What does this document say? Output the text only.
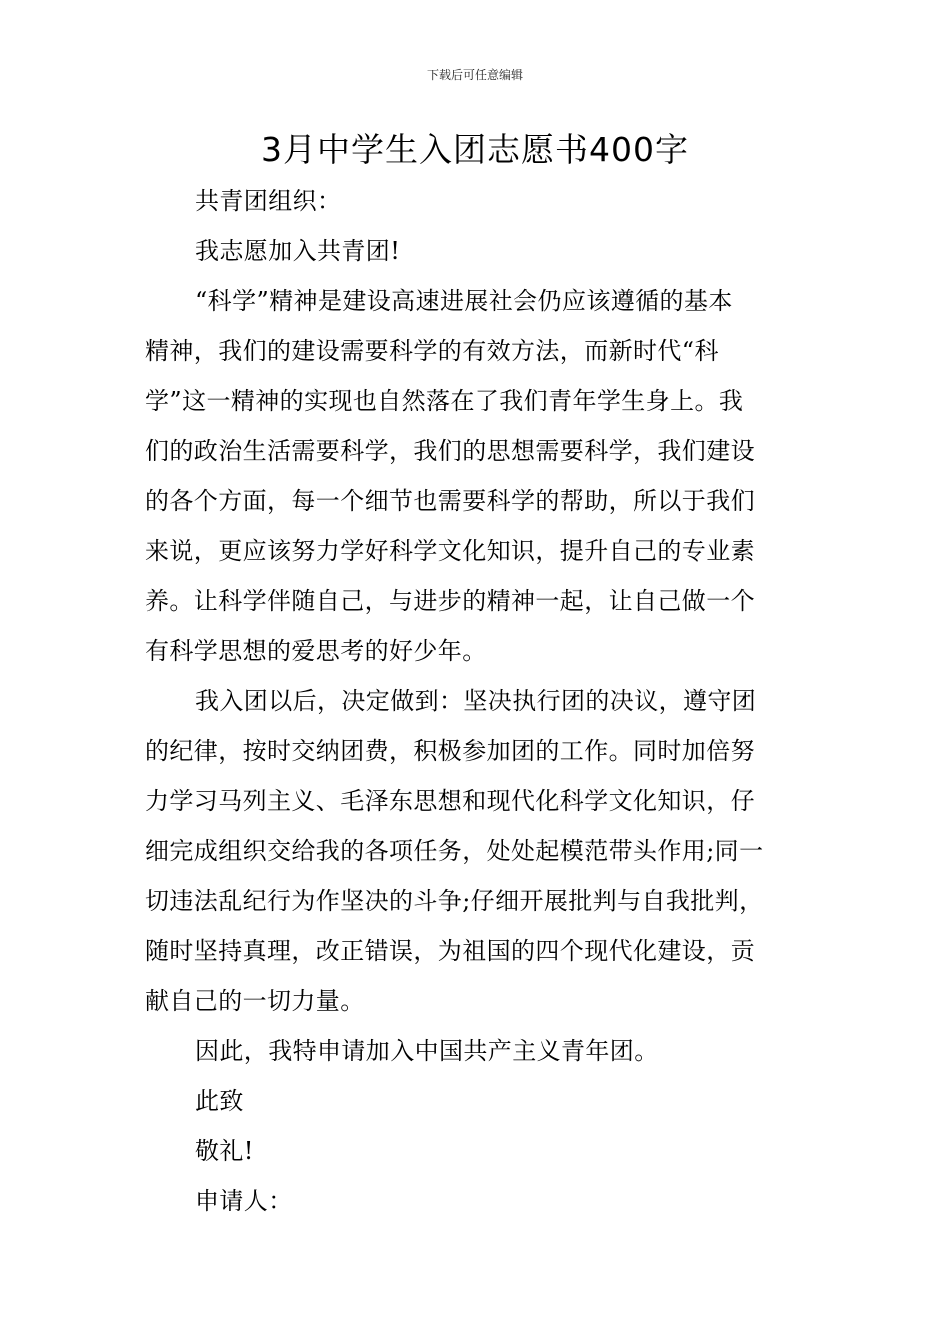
下载后可任意编辑
3月中学生入团志愿书400字
共青团组织：
我志愿加入共青团!
“科学”精神是建设高速进展社会仍应该遵循的基本
精神，我们的建设需要科学的有效方法，而新时代“科
学”这一精神的实现也自然落在了我们青年学生身上。我
们的政治生活需要科学，我们的思想需要科学，我们建设
的各个方面，每一个细节也需要科学的帮助，所以于我们
来说，更应该努力学好科学文化知识，提升自己的专业素
养。让科学伴随自己，与进步的精神一起，让自己做一个
有科学思想的爱思考的好少年。
我入团以后，决定做到：坚决执行团的决议，遵守团
的纪律，按时交纳团费，积极参加团的工作。同时加倍努
力学习马列主义、毛泽东思想和现代化科学文化知识，仔
细完成组织交给我的各项任务，处处起模范带头作用;同一
切违法乱纪行为作坚决的斗争;仔细开展批判与自我批判，
随时坚持真理，改正错误，为祖国的四个现代化建设，贡
献自己的一切力量。
因此，我特申请加入中国共产主义青年团。
此致
敬礼!
申请人：
